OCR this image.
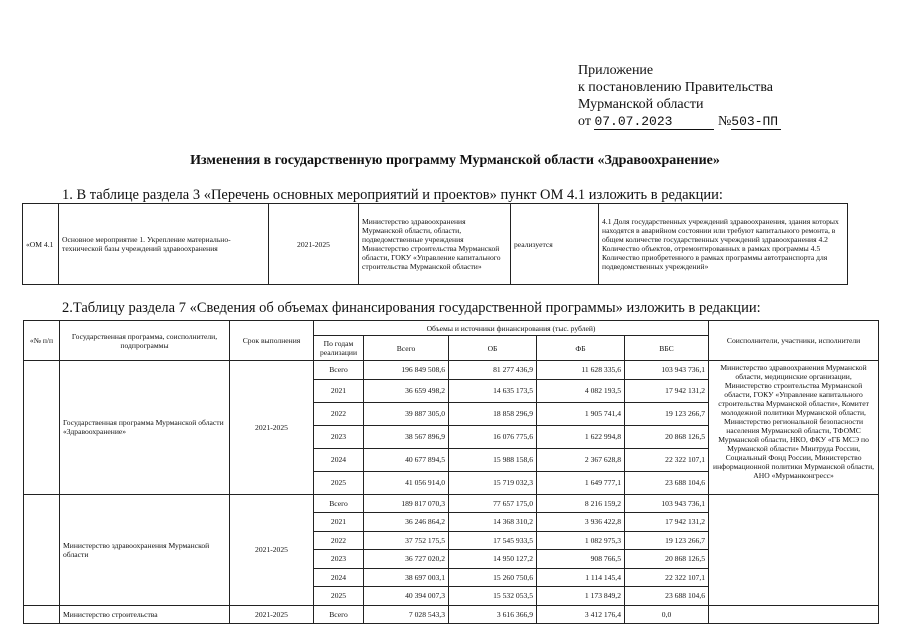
Приложение
к постановлению Правительства
Мурманской области
от 07.07.2023	№503-ПП
Изменения в государственную программу Мурманской области «Здравоохранение»
1. В таблице раздела 3 «Перечень основных мероприятий и проектов» пункт ОМ 4.1 изложить в редакции:
«ОМ 4.1	Основное мероприятие 1. Укрепление материально-технической базы учреждений здравоохранения	2021-2025	Министерство здравоохранения Мурманской области, области, подведомственные учреждения Министерство строительства Мурманской области, ГОКУ «Управление капитального строительства Мурманской области»	реализуется	4.1 Доля государственных учреждений здравоохранения, здания которых находятся в аварийном состоянии или требуют капитального ремонта, в общем количестве государственных учреждений здравоохранения 4.2 Количество объектов, отремонтированных в рамках программы 4.5 Количество приобретенного в рамках программы автотранспорта для подведомственных учреждений»
2.Таблицу раздела 7 «Сведения об объемах финансирования государственной программы» изложить в редакции:
«№ п/п	Государственная программа, соисполнители, подпрограммы	Срок выполнения	Объемы и источники финансирования (тыс. рублей)					Соисполнители, участники, исполнители
			По годам реализации	Всего	ОБ	ФБ	ВБС	
	Государственная программа Мурманской области «Здравоохранение»	2021-2025	Всего	196 849 508,6	81 277 436,9	11 628 335,6	103 943 736,1	Министерство здравоохранения Мурманской области, медицинские организации, Министерство строительства Мурманской области, ГОКУ «Управление капитального строительства Мурманской области», Комитет молодежной политики Мурманской области, Министерство региональной безопасности населения Мурманской области, ТФОМС Мурманской области, НКО, ФКУ «ГБ МСЭ по Мурманской области» Минтруда России, Социальный Фонд России, Министерство информационной политики Мурманской области, АНО «Мурманконгресс»
			2021	36 659 498,2	14 635 173,5	4 082 193,5	17 942 131,2	
			2022	39 887 305,0	18 858 296,9	1 905 741,4	19 123 266,7	
			2023	38 567 896,9	16 076 775,6	1 622 994,8	20 868 126,5	
			2024	40 677 894,5	15 988 158,6	2 367 628,8	22 322 107,1	
			2025	41 056 914,0	15 719 032,3	1 649 777,1	23 688 104,6	
	Министерство здравоохранения Мурманской области	2021-2025	Всего	189 817 070,3	77 657 175,0	8 216 159,2	103 943 736,1	
			2021	36 246 864,2	14 368 310,2	3 936 422,8	17 942 131,2	
			2022	37 752 175,5	17 545 933,5	1 082 975,3	19 123 266,7	
			2023	36 727 020,2	14 950 127,2	908 766,5	20 868 126,5	
			2024	38 697 003,1	15 260 750,6	1 114 145,4	22 322 107,1	
			2025	40 394 007,3	15 532 053,5	1 173 849,2	23 688 104,6	
	Министерство строительства	2021-2025	Всего	7 028 543,3	3 616 366,9	3 412 176,4	0,0	
